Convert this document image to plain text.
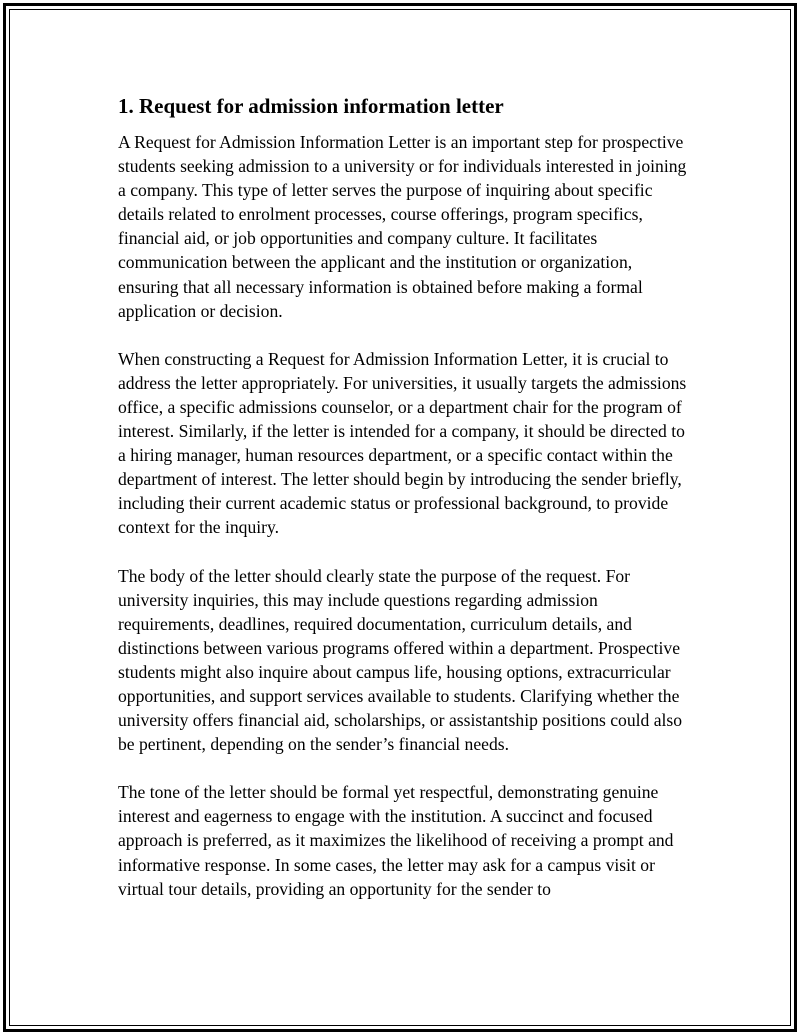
1. Request for admission information letter

A Request for Admission Information Letter is an important step for prospective students seeking admission to a university or for individuals interested in joining a company. This type of letter serves the purpose of inquiring about specific details related to enrolment processes, course offerings, program specifics, financial aid, or job opportunities and company culture. It facilitates communication between the applicant and the institution or organization, ensuring that all necessary information is obtained before making a formal application or decision.

When constructing a Request for Admission Information Letter, it is crucial to address the letter appropriately. For universities, it usually targets the admissions office, a specific admissions counselor, or a department chair for the program of interest. Similarly, if the letter is intended for a company, it should be directed to a hiring manager, human resources department, or a specific contact within the department of interest. The letter should begin by introducing the sender briefly, including their current academic status or professional background, to provide context for the inquiry.

The body of the letter should clearly state the purpose of the request. For university inquiries, this may include questions regarding admission requirements, deadlines, required documentation, curriculum details, and distinctions between various programs offered within a department. Prospective students might also inquire about campus life, housing options, extracurricular opportunities, and support services available to students. Clarifying whether the university offers financial aid, scholarships, or assistantship positions could also be pertinent, depending on the sender’s financial needs.

The tone of the letter should be formal yet respectful, demonstrating genuine interest and eagerness to engage with the institution. A succinct and focused approach is preferred, as it maximizes the likelihood of receiving a prompt and informative response. In some cases, the letter may ask for a campus visit or virtual tour details, providing an opportunity for the sender to
